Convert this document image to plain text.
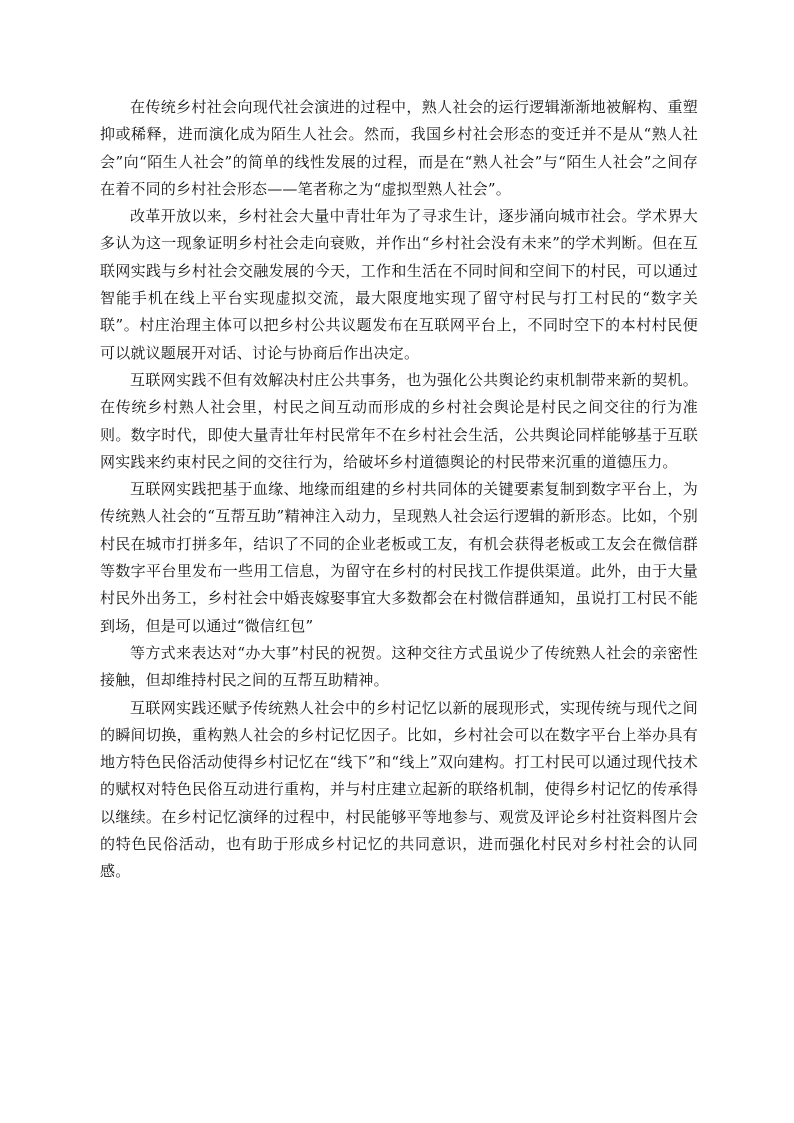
在传统乡村社会向现代社会演进的过程中，熟人社会的运行逻辑渐渐地被解构、重塑抑或稀释，进而演化成为陌生人社会。然而，我国乡村社会形态的变迁并不是从“熟人社会”向“陌生人社会”的简单的线性发展的过程，而是在“熟人社会”与“陌生人社会”之间存在着不同的乡村社会形态——笔者称之为“虚拟型熟人社会”。

改革开放以来，乡村社会大量中青壮年为了寻求生计，逐步涌向城市社会。学术界大多认为这一现象证明乡村社会走向衰败，并作出“乡村社会没有未来”的学术判断。但在互联网实践与乡村社会交融发展的今天，工作和生活在不同时间和空间下的村民，可以通过智能手机在线上平台实现虚拟交流，最大限度地实现了留守村民与打工村民的“数字关联”。村庄治理主体可以把乡村公共议题发布在互联网平台上，不同时空下的本村村民便可以就议题展开对话、讨论与协商后作出决定。

互联网实践不但有效解决村庄公共事务，也为强化公共舆论约束机制带来新的契机。在传统乡村熟人社会里，村民之间互动而形成的乡村社会舆论是村民之间交往的行为准则。数字时代，即使大量青壮年村民常年不在乡村社会生活，公共舆论同样能够基于互联网实践来约束村民之间的交往行为，给破坏乡村道德舆论的村民带来沉重的道德压力。

互联网实践把基于血缘、地缘而组建的乡村共同体的关键要素复制到数字平台上，为传统熟人社会的“互帮互助”精神注入动力，呈现熟人社会运行逻辑的新形态。比如，个别村民在城市打拼多年，结识了不同的企业老板或工友，有机会获得老板或工友会在微信群等数字平台里发布一些用工信息，为留守在乡村的村民找工作提供渠道。此外，由于大量村民外出务工，乡村社会中婚丧嫁娶事宜大多数都会在村微信群通知，虽说打工村民不能到场，但是可以通过“微信红包”

等方式来表达对“办大事”村民的祝贺。这种交往方式虽说少了传统熟人社会的亲密性接触，但却维持村民之间的互帮互助精神。

互联网实践还赋予传统熟人社会中的乡村记忆以新的展现形式，实现传统与现代之间的瞬间切换，重构熟人社会的乡村记忆因子。比如，乡村社会可以在数字平台上举办具有地方特色民俗活动使得乡村记忆在“线下”和“线上”双向建构。打工村民可以通过现代技术的赋权对特色民俗互动进行重构，并与村庄建立起新的联络机制，使得乡村记忆的传承得以继续。在乡村记忆演绎的过程中，村民能够平等地参与、观赏及评论乡村社资料图片会的特色民俗活动，也有助于形成乡村记忆的共同意识，进而强化村民对乡村社会的认同感。
